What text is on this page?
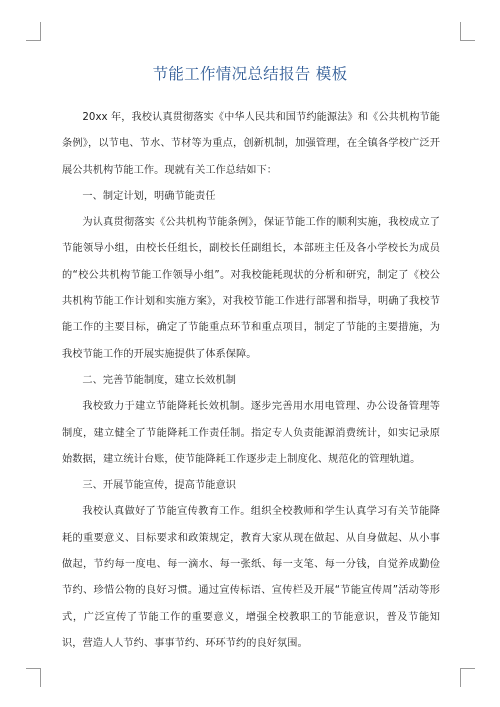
节能工作情况总结报告 模板

20xx 年，我校认真贯彻落实《中华人民共和国节约能源法》和《公共机构节能条例》，以节电、节水、节材等为重点，创新机制，加强管理，在全镇各学校广泛开展公共机构节能工作。现就有关工作总结如下：

一、制定计划，明确节能责任

为认真贯彻落实《公共机构节能条例》，保证节能工作的顺利实施，我校成立了节能领导小组，由校长任组长，副校长任副组长，本部班主任及各小学校长为成员的“校公共机构节能工作领导小组”。对我校能耗现状的分析和研究，制定了《校公共机构节能工作计划和实施方案》，对我校节能工作进行部署和指导，明确了我校节能工作的主要目标，确定了节能重点环节和重点项目，制定了节能的主要措施，为我校节能工作的开展实施提供了体系保障。

二、完善节能制度，建立长效机制

我校致力于建立节能降耗长效机制。逐步完善用水用电管理、办公设备管理等制度，建立健全了节能降耗工作责任制。指定专人负责能源消费统计，如实记录原始数据，建立统计台账，使节能降耗工作逐步走上制度化、规范化的管理轨道。

三、开展节能宣传，提高节能意识

我校认真做好了节能宣传教育工作。组织全校教师和学生认真学习有关节能降耗的重要意义、目标要求和政策规定，教育大家从现在做起、从自身做起、从小事做起，节约每一度电、每一滴水、每一张纸、每一支笔、每一分钱，自觉养成勤俭节约、珍惜公物的良好习惯。通过宣传标语、宣传栏及开展“节能宣传周”活动等形式，广泛宣传了节能工作的重要意义，增强全校教职工的节能意识，普及节能知识，营造人人节约、事事节约、环环节约的良好氛围。
